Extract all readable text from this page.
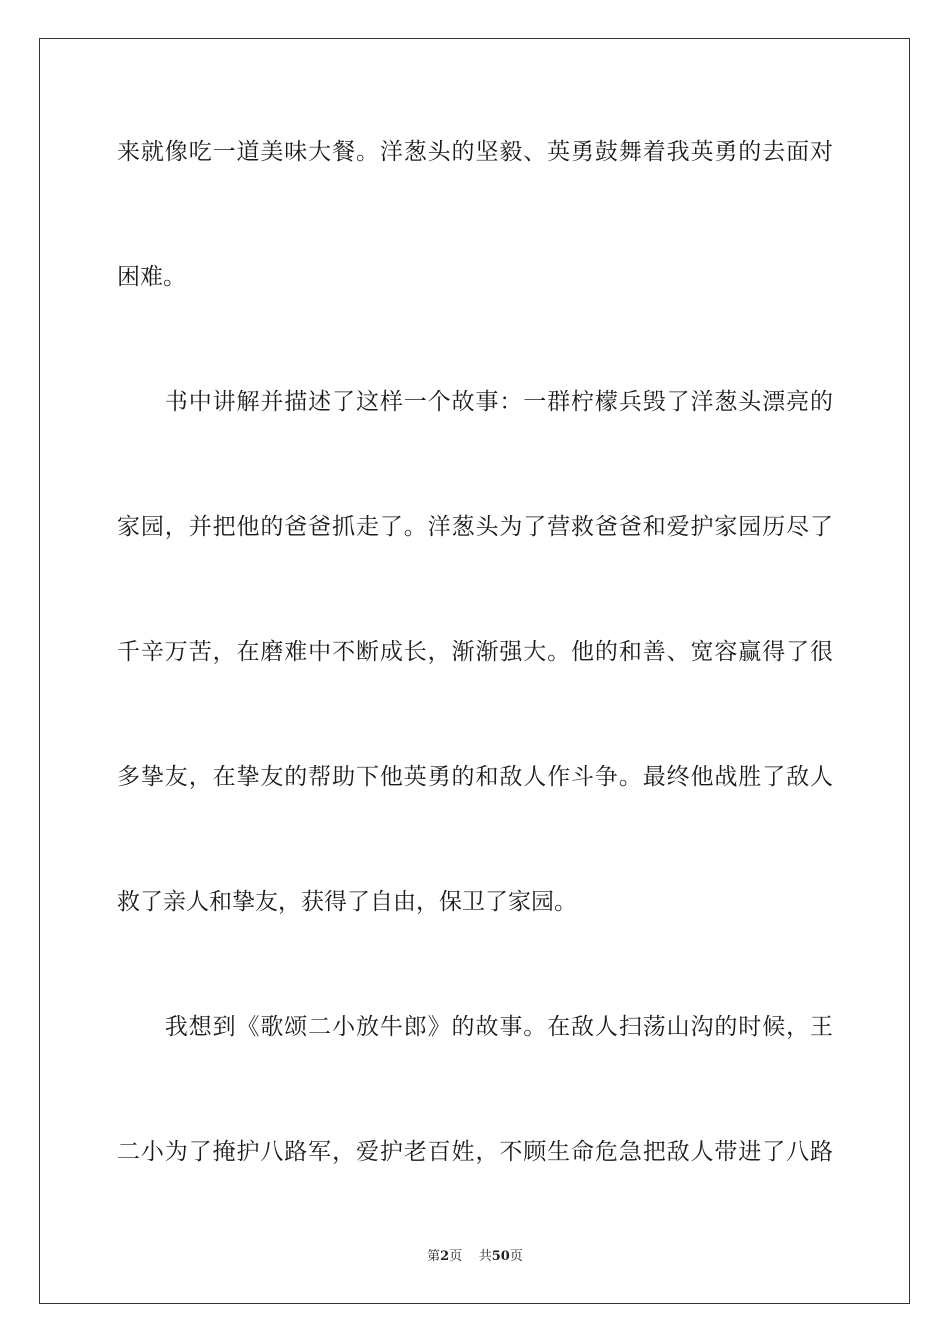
来就像吃一道美味大餐。洋葱头的坚毅、英勇鼓舞着我英勇的去面对
困难。
　　书中讲解并描述了这样一个故事：一群柠檬兵毁了洋葱头漂亮的
家园，并把他的爸爸抓走了。洋葱头为了营救爸爸和爱护家园历尽了
千辛万苦，在磨难中不断成长，渐渐强大。他的和善、宽容赢得了很
多挚友，在挚友的帮助下他英勇的和敌人作斗争。最终他战胜了敌人
救了亲人和挚友，获得了自由，保卫了家园。
　　我想到《歌颂二小放牛郎》的故事。在敌人扫荡山沟的时候，王
二小为了掩护八路军，爱护老百姓，不顾生命危急把敌人带进了八路
第2页 共50页
